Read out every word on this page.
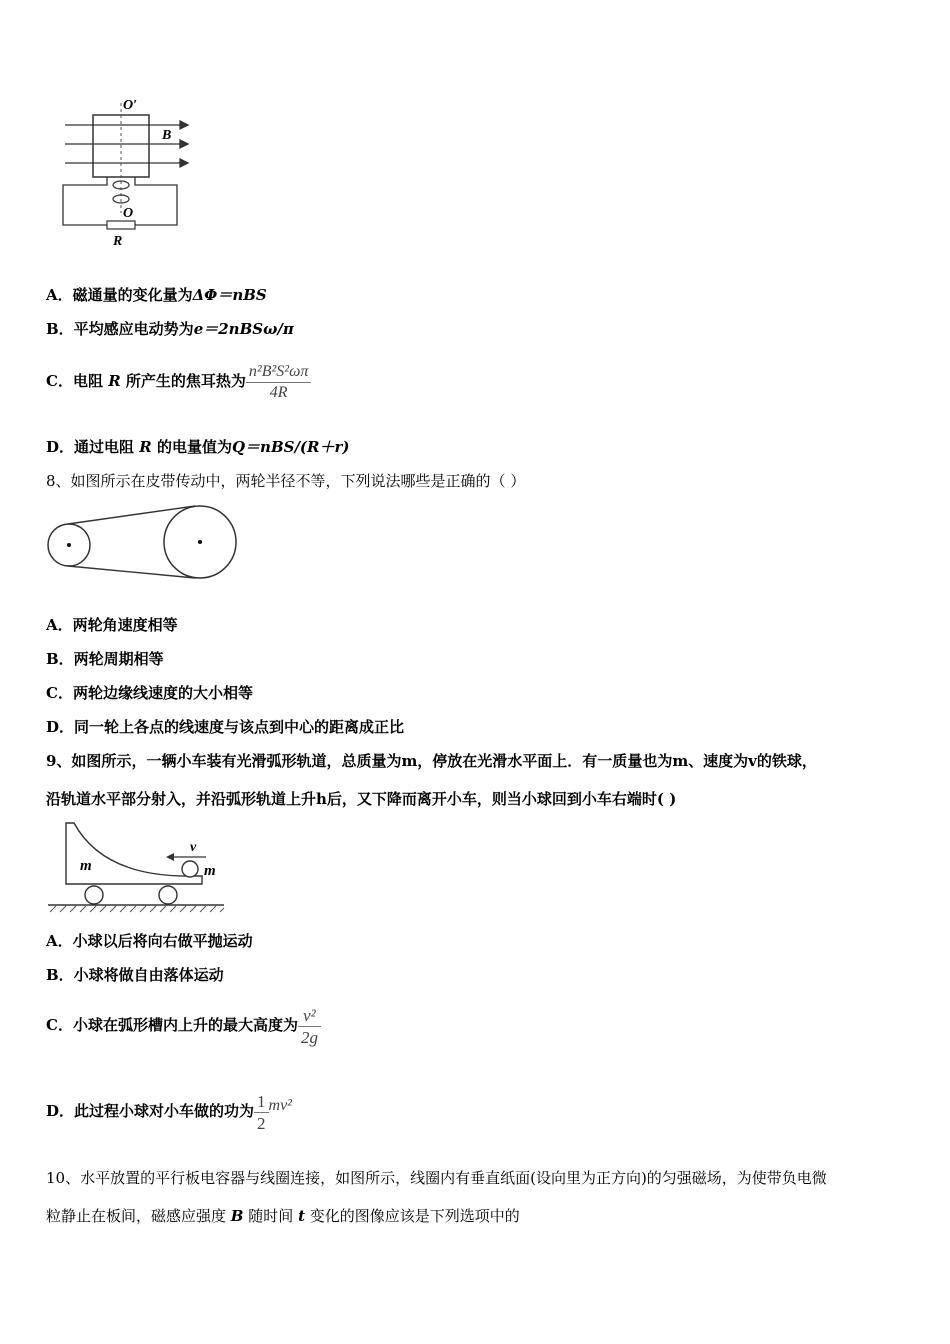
O′
B
O
R
A．磁通量的变化量为ΔΦ＝nBS
B．平均感应电动势为e＝2nBSω/π
C．电阻 R 所产生的焦耳热为 $\frac{\text{n²B²S²ωπ}}{4R}$
D．通过电阻 R 的电量值为Q＝nBS/(R＋r)
8、如图所示在皮带传动中，两轮半径不等，下列说法哪些是正确的（ ）
A．两轮角速度相等
B．两轮周期相等
C．两轮边缘线速度的大小相等
D．同一轮上各点的线速度与该点到中心的距离成正比
9、如图所示，一辆小车装有光滑弧形轨道，总质量为m，停放在光滑水平面上．有一质量也为m、速度为v的铁球，
沿轨道水平部分射入，并沿弧形轨道上升h后，又下降而离开小车，则当小球回到小车右端时( )
v
m	m
A．小球以后将向右做平抛运动
B．小球将做自由落体运动
C．小球在弧形槽内上升的最大高度为 $\frac{\text{v²}}{2g}$
D．此过程小球对小车做的功为 $\frac{1}{2} mv^2$
10、水平放置的平行板电容器与线圈连接，如图所示，线圈内有垂直纸面(设向里为正方向)的匀强磁场，为使带负电微
粒静止在板间，磁感应强度 B 随时间 t 变化的图像应该是下列选项中的
